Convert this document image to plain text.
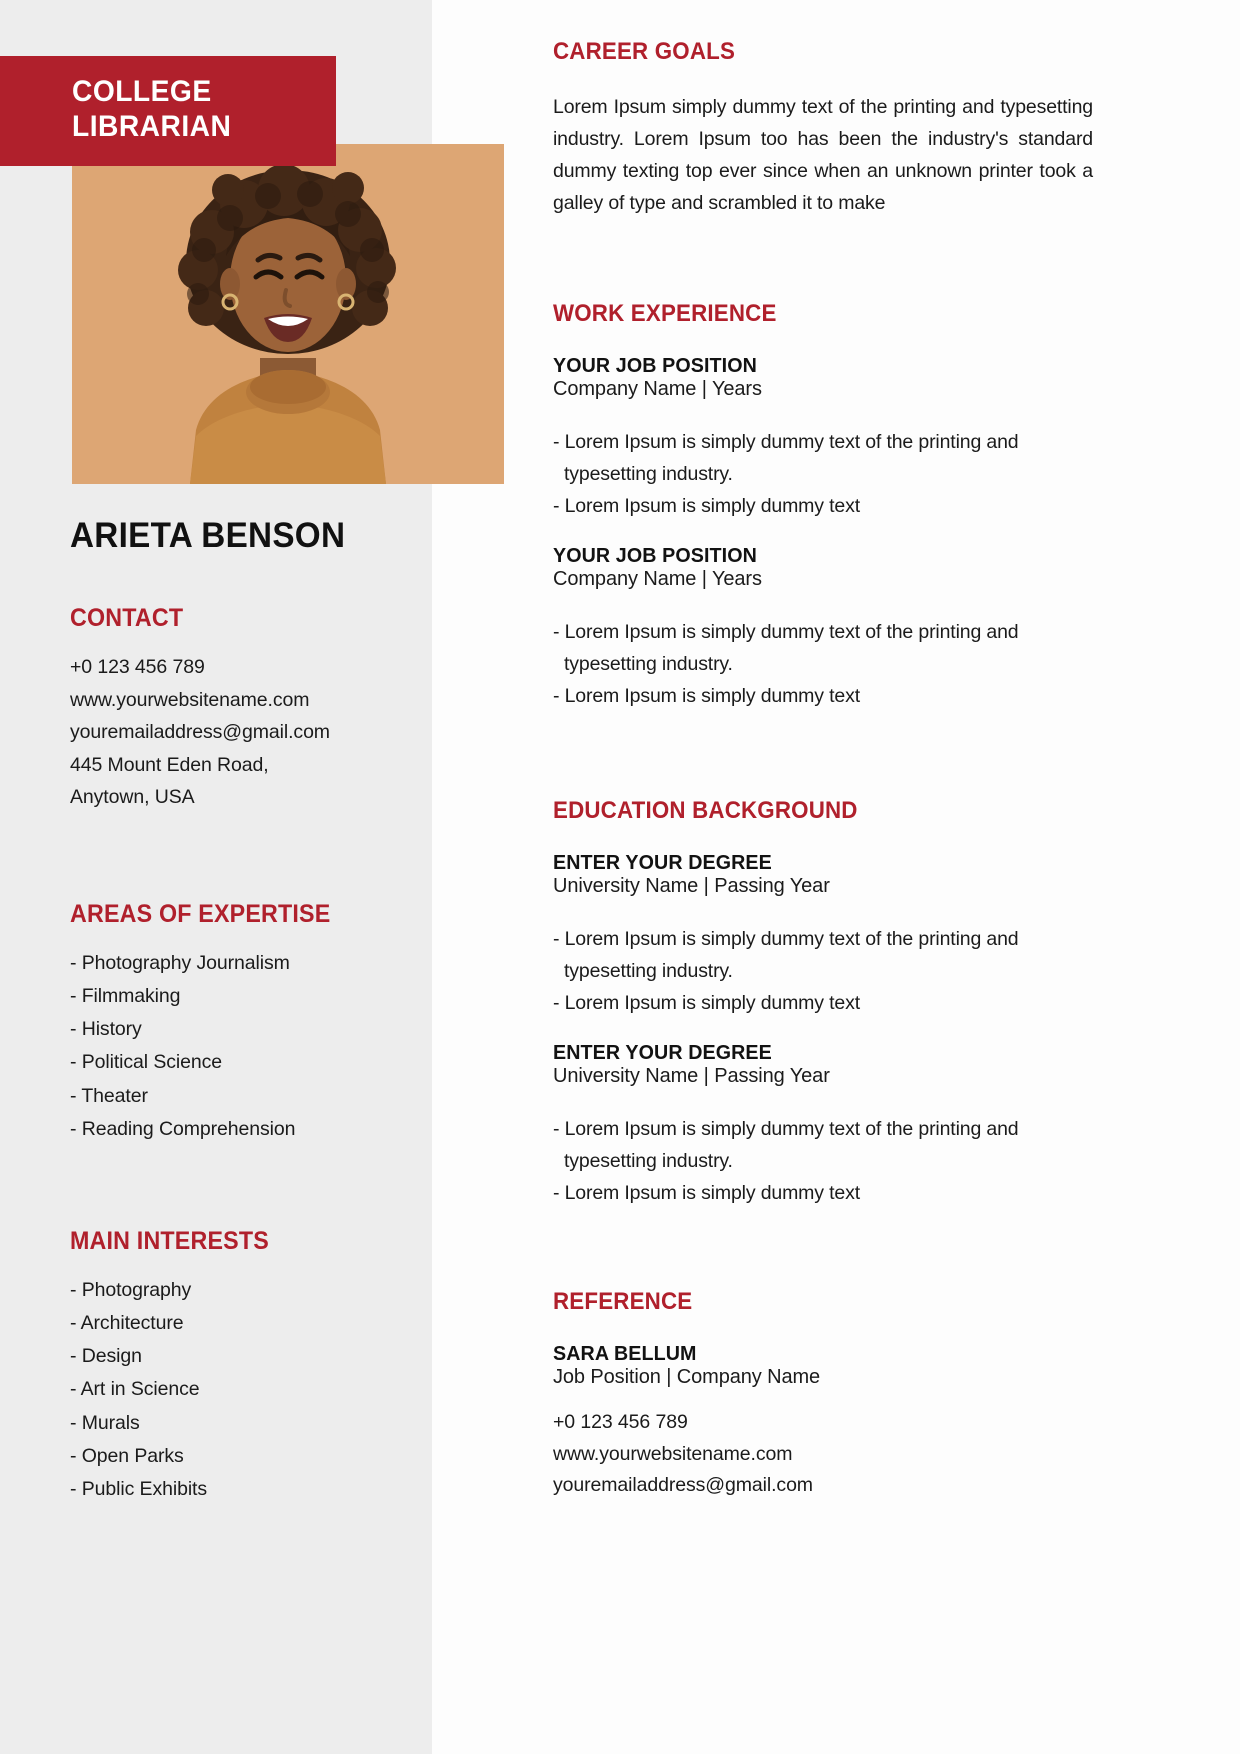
COLLEGE
LIBRARIAN
ARIETA BENSON
CONTACT
+0 123 456 789
www.yourwebsitename.com
youremailaddress@gmail.com
445 Mount Eden Road,
Anytown, USA
AREAS OF EXPERTISE
- Photography Journalism
- Filmmaking
- History
- Political Science
- Theater
- Reading Comprehension
MAIN INTERESTS
- Photography
- Architecture
- Design
- Art in Science
- Murals
- Open Parks
- Public Exhibits
CAREER GOALS
Lorem Ipsum simply dummy text of the printing and typesetting industry. Lorem Ipsum too has been the industry's standard dummy texting top ever since when an unknown printer took a galley of type and scrambled it to make
WORK EXPERIENCE
YOUR JOB POSITION
Company Name | Years
- Lorem Ipsum is simply dummy text of the printing and typesetting industry.
- Lorem Ipsum is simply dummy text
YOUR JOB POSITION
Company Name | Years
- Lorem Ipsum is simply dummy text of the printing and typesetting industry.
- Lorem Ipsum is simply dummy text
EDUCATION BACKGROUND
ENTER YOUR DEGREE
University Name | Passing Year
- Lorem Ipsum is simply dummy text of the printing and typesetting industry.
- Lorem Ipsum is simply dummy text
ENTER YOUR DEGREE
University Name | Passing Year
- Lorem Ipsum is simply dummy text of the printing and typesetting industry.
- Lorem Ipsum is simply dummy text
REFERENCE
SARA BELLUM
Job Position | Company Name
+0 123 456 789
www.yourwebsitename.com
youremailaddress@gmail.com
